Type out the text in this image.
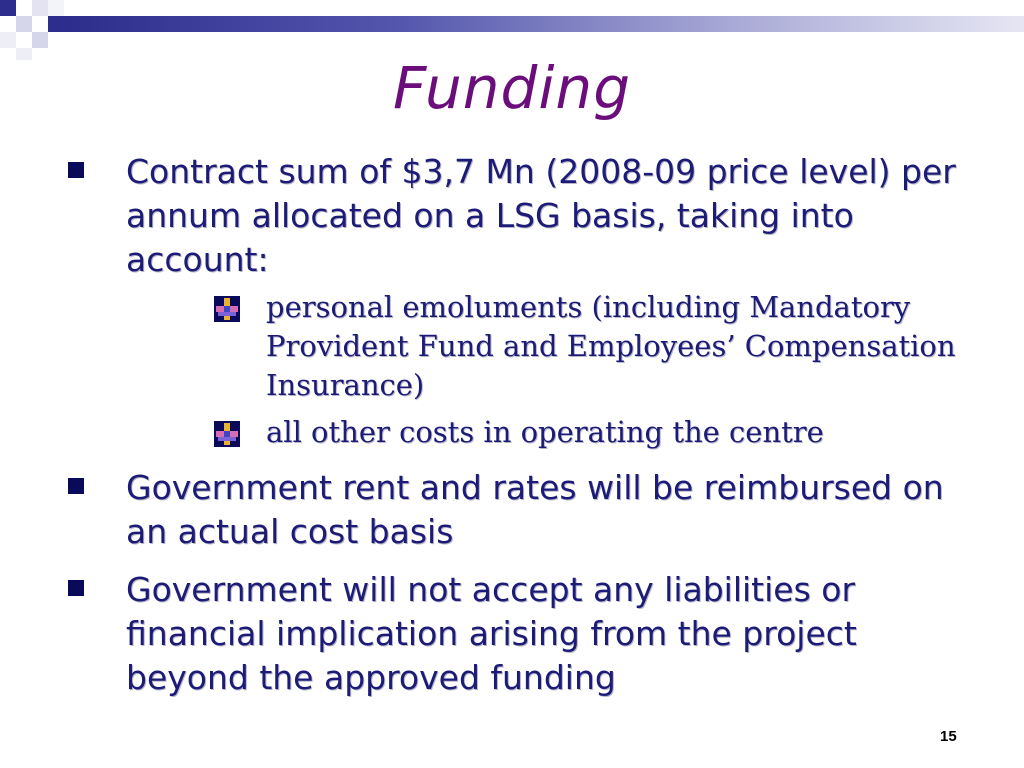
Funding
Contract sum of $3,7 Mn (2008-09 price level) per annum allocated on a LSG basis, taking into account:
personal emoluments (including Mandatory Provident Fund and Employees’ Compensation Insurance)
all other costs in operating the centre
Government rent and rates will be reimbursed on an actual cost basis
Government will not accept any liabilities or financial implication arising from the project beyond the approved funding
15
